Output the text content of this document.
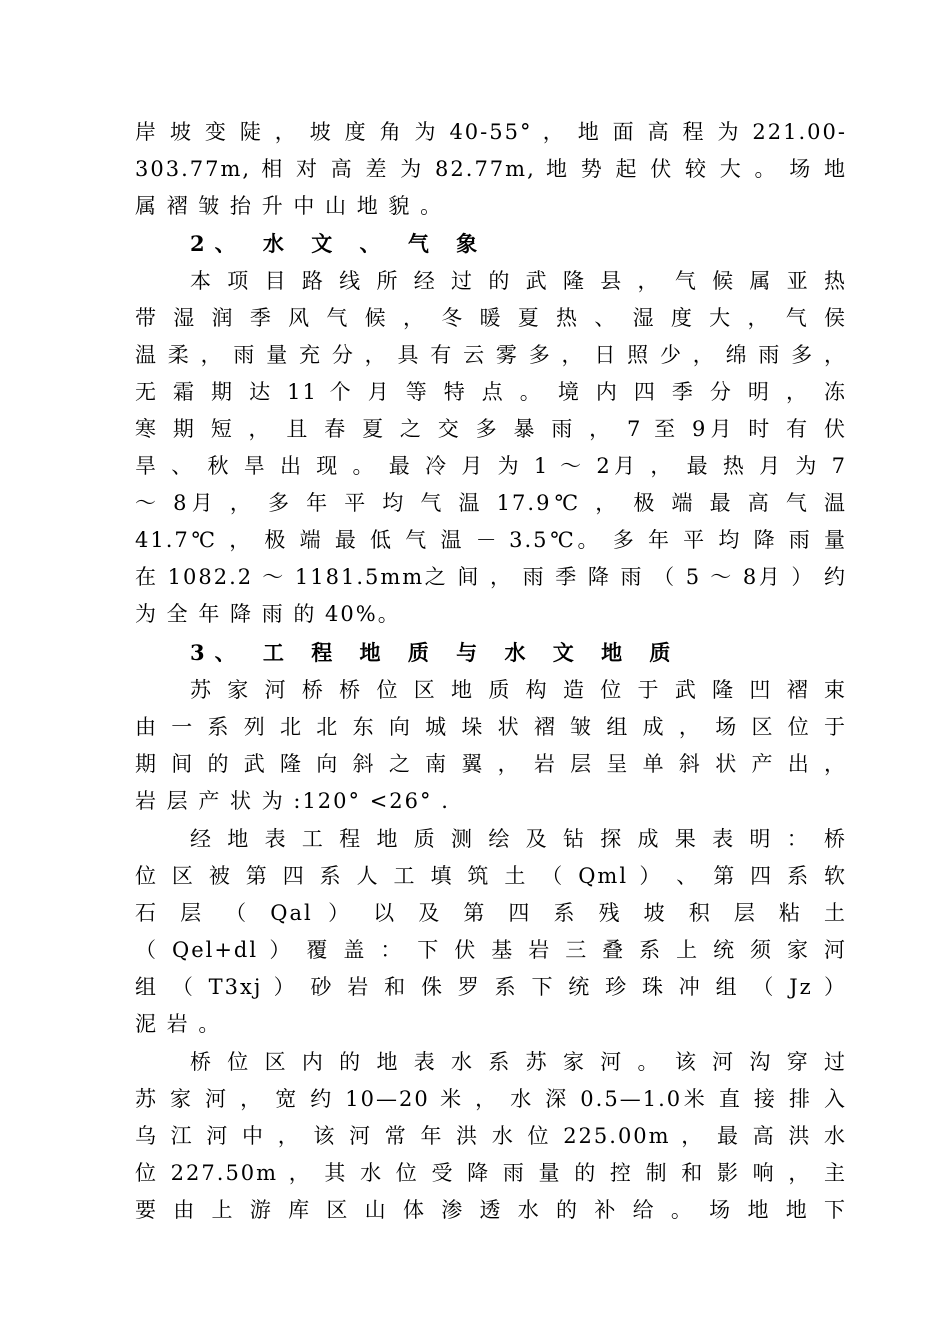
岸 坡 变 陡 ， 坡 度 角 为 40-55° ， 地 面 高 程 为 221.00-
303.77m, 相 对 高 差 为 82.77m, 地 势 起 伏 较 大 。 场 地
属 褶 皱 抬 升 中 山 地 貌 。
2、 水 文 、 气 象
本 项 目 路 线 所 经 过 的 武 隆 县 ， 气 候 属 亚 热
带 湿 润 季 风 气 候 ， 冬 暖 夏 热 、 湿 度 大 ， 气 侯
温 柔 ， 雨 量 充 分 ， 具 有 云 雾 多 ， 日 照 少 ， 绵 雨 多 ，
无 霜 期 达 11 个 月 等 特 点 。 境 内 四 季 分 明 ， 冻
寒 期 短 ， 且 春 夏 之 交 多 暴 雨 ， 7 至 9月 时 有 伏
旱 、 秋 旱 出 现 。 最 冷 月 为 1 ～ 2月 ， 最 热 月 为 7
～ 8月 ， 多 年 平 均 气 温 17.9℃ ， 极 端 最 高 气 温
41.7℃ ， 极 端 最 低 气 温 － 3.5℃。 多 年 平 均 降 雨 量
在 1082.2 ～ 1181.5mm之 间 ， 雨 季 降 雨 （ 5 ～ 8月 ） 约
为 全 年 降 雨 的 40%。
3、 工 程 地 质 与 水 文 地 质
苏 家 河 桥 桥 位 区 地 质 构 造 位 于 武 隆 凹 褶 束
由 一 系 列 北 北 东 向 城 垛 状 褶 皱 组 成 ， 场 区 位 于
期 间 的 武 隆 向 斜 之 南 翼 ， 岩 层 呈 单 斜 状 产 出 ，
岩 层 产 状 为 :120° <26° .
经 地 表 工 程 地 质 测 绘 及 钻 探 成 果 表 明 ： 桥
位 区 被 第 四 系 人 工 填 筑 土 （ Qml ） 、 第 四 系 软
石 层 （ Qal ） 以 及 第 四 系 残 坡 积 层 粘 土
（ Qel+dl ） 覆 盖 ： 下 伏 基 岩 三 叠 系 上 统 须 家 河
组 （ T3xj ） 砂 岩 和 侏 罗 系 下 统 珍 珠 冲 组 （ Jz ）
泥 岩 。
桥 位 区 内 的 地 表 水 系 苏 家 河 。 该 河 沟 穿 过
苏 家 河 ， 宽 约 10—20 米 ， 水 深 0.5—1.0米 直 接 排 入
乌 江 河 中 ， 该 河 常 年 洪 水 位 225.00m ， 最 高 洪 水
位 227.50m ， 其 水 位 受 降 雨 量 的 控 制 和 影 响 ， 主
要 由 上 游 库 区 山 体 渗 透 水 的 补 给 。 场 地 地 下
